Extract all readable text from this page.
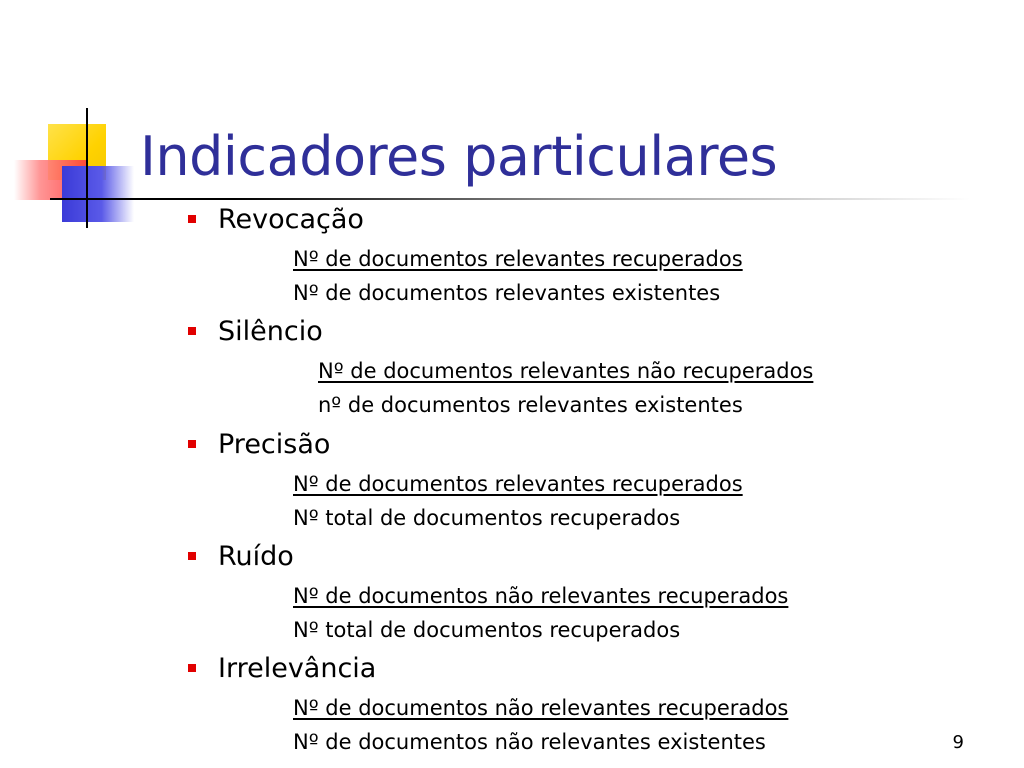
Indicadores particulares
Revocação
Nº de documentos relevantes recuperados
Nº de documentos relevantes existentes
Silêncio
Nº de documentos relevantes não recuperados
nº de documentos relevantes existentes
Precisão
Nº de documentos relevantes recuperados
Nº total de documentos recuperados
Ruído
Nº de documentos não relevantes recuperados
Nº total de documentos recuperados
Irrelevância
Nº de documentos não relevantes recuperados
Nº de documentos não relevantes existentes	9
